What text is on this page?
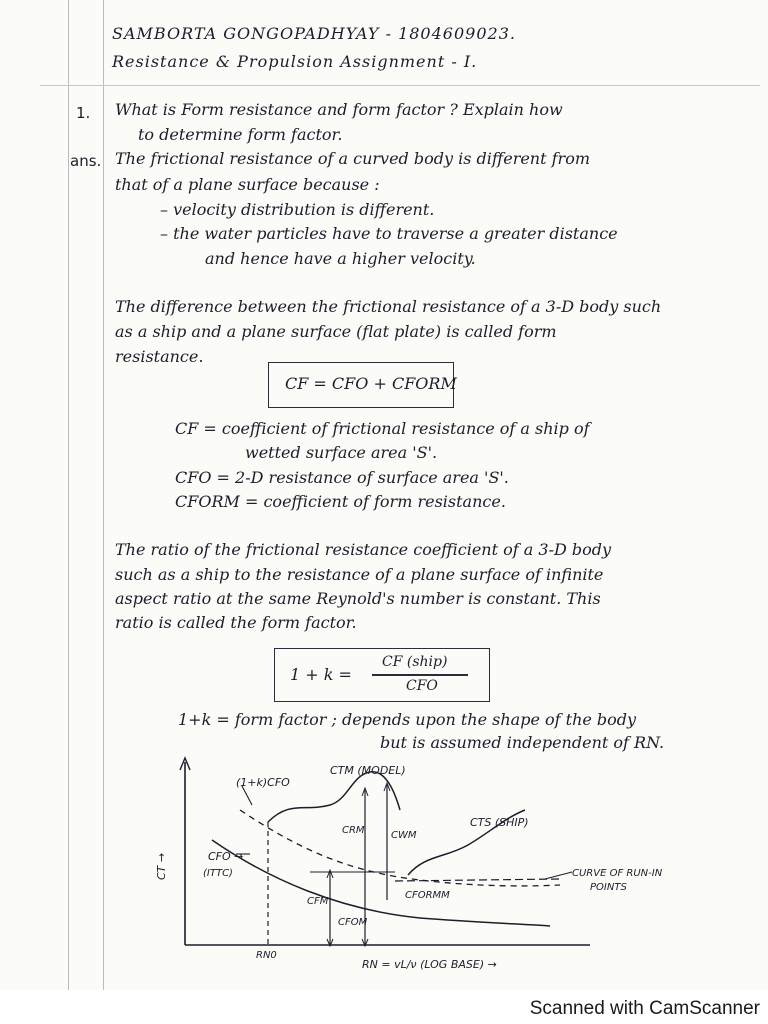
SAMBORTA GONGOPADHYAY - 1804609023.
Resistance & Propulsion Assignment - I.
1. What is Form resistance and form factor ? Explain how
to determine form factor.
ans. The frictional resistance of a curved body is different from
that of a plane surface because :
– velocity distribution is different.
– the water particles have to traverse a greater distance
and hence have a higher velocity.
The difference between the frictional resistance of a 3-D body such
as a ship and a plane surface (flat plate) is called form
resistance.
CF = CFO + CFORM
CF = coefficient of frictional resistance of a ship of
wetted surface area 'S'.
CFO = 2-D resistance of surface area 'S'.
CFORM = coefficient of form resistance.
The ratio of the frictional resistance coefficient of a 3-D body
such as a ship to the resistance of a plane surface of infinite
aspect ratio at the same Reynold's number is constant. This
ratio is called the form factor.
1 + k =
CF (ship)
CFO
1+k = form factor ; depends upon the shape of the body
but is assumed independent of RN.
(1+k)CFO
CTM (MODEL)
CRM	CWM
CTS (SHIP)
CFO →
(ITTC)
CFM
CFOM
CFORMM
CURVE OF RUN-IN
POINTS
RN0
RN = vL/ν (LOG BASE) →
CT →
Scanned with CamScanner
